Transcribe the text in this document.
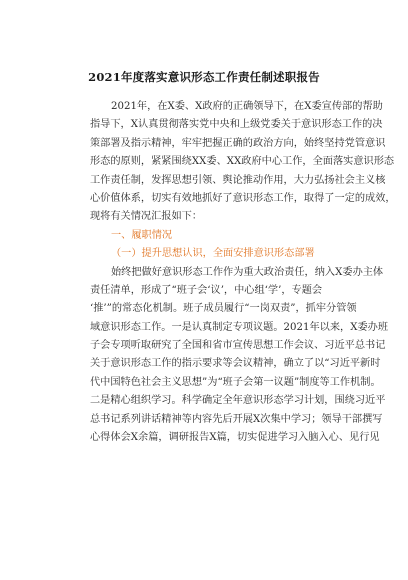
2021年度落实意识形态工作责任制述职报告
2021年，在X委、X政府的正确领导下，在X委宣传部的帮助
指导下，X认真贯彻落实党中央和上级党委关于意识形态工作的决
策部署及指示精神，牢牢把握正确的政治方向，始终坚持党管意识
形态的原则，紧紧围绕XX委、XX政府中心工作，全面落实意识形态
工作责任制，发挥思想引领、舆论推动作用，大力弘扬社会主义核
心价值体系，切实有效地抓好了意识形态工作，取得了一定的成效，
现将有关情况汇报如下：
一、履职情况
（一）提升思想认识，全面安排意识形态部署
始终把做好意识形态工作作为重大政治责任，纳入X委办主体
责任清单，形成了“班子会‘议’，中心组‘学’，专题会
‘推’”的常态化机制。班子成员履行“一岗双责”，抓牢分管领
域意识形态工作。一是认真制定专项议题。2021年以来，X委办班
子会专项听取研究了全国和省市宣传思想工作会议、习近平总书记
关于意识形态工作的指示要求等会议精神，确立了以“习近平新时
代中国特色社会主义思想”为“班子会第一议题”制度等工作机制。
二是精心组织学习。科学确定全年意识形态学习计划，围绕习近平
总书记系列讲话精神等内容先后开展X次集中学习；领导干部撰写
心得体会X余篇，调研报告X篇，切实促进学习入脑入心、见行见
